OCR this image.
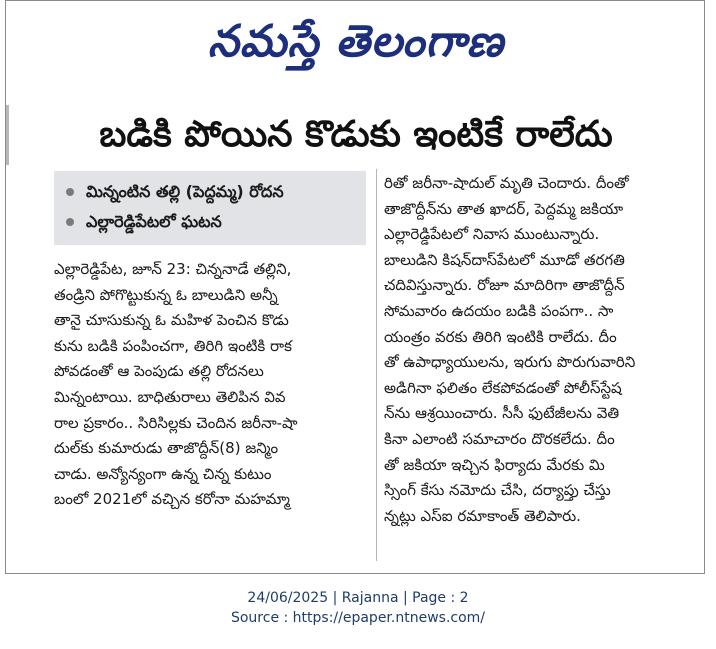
నమస్తే తెలంగాణ
బడికి పోయిన కొడుకు ఇంటికే రాలేదు
మిన్నంటిన తల్లి (పెద్దమ్మ) రోదన
ఎల్లారెడ్డిపేటలో ఘటన
ఎల్లారెడ్డిపేట, జూన్ 23: చిన్ననాడే తల్లిని,
తండ్రిని పోగొట్టుకున్న ఓ బాలుడిని అన్నీ
తానై చూసుకున్న ఓ మహిళ పెంచిన కొడు
కును బడికి పంపించగా, తిరిగి ఇంటికి రాక
పోవడంతో ఆ పెంపుడు తల్లి రోదనలు
మిన్నంటాయి. బాధితురాలు తెలిపిన వివ
రాల ప్రకారం.. సిరిసిల్లకు చెందిన జరీనా-షా
దుల్‌కు కుమారుడు తాజొద్దీన్(8) జన్మిం
చాడు. అన్యోన్యంగా ఉన్న చిన్న కుటుం
బంలో 2021లో వచ్చిన కరోనా మహమ్మా
రితో జరీనా-షాదుల్ మృతి చెందారు. దీంతో
తాజొద్దీన్‌ను తాత ఖాదర్, పెద్దమ్మ జకియా
ఎల్లారెడ్డిపేటలో నివాస ముంటున్నారు.
బాలుడిని కిషన్‌దాస్‌పేటలో మూడో తరగతి
చదివిస్తున్నారు. రోజూ మాదిరిగా తాజొద్దీన్
సోమవారం ఉదయం బడికి పంపగా.. సా
యంత్రం వరకు తిరిగి ఇంటికి రాలేదు. దీం
తో ఉపాధ్యాయులను, ఇరుగు పొరుగువారిని
అడిగినా ఫలితం లేకపోవడంతో పోలీస్‌స్టేష
న్‌ను ఆశ్రయించారు. సీసీ ఫుటేజీలను వెతి
కినా ఎలాంటి సమాచారం దొరకలేదు. దీం
తో జకియా ఇచ్చిన ఫిర్యాదు మేరకు మి
స్సింగ్ కేసు నమోదు చేసి, దర్యాప్తు చేస్తు
న్నట్లు ఎస్ఐ రమాకాంత్ తెలిపారు.
24/06/2025 | Rajanna | Page : 2
Source : https://epaper.ntnews.com/
